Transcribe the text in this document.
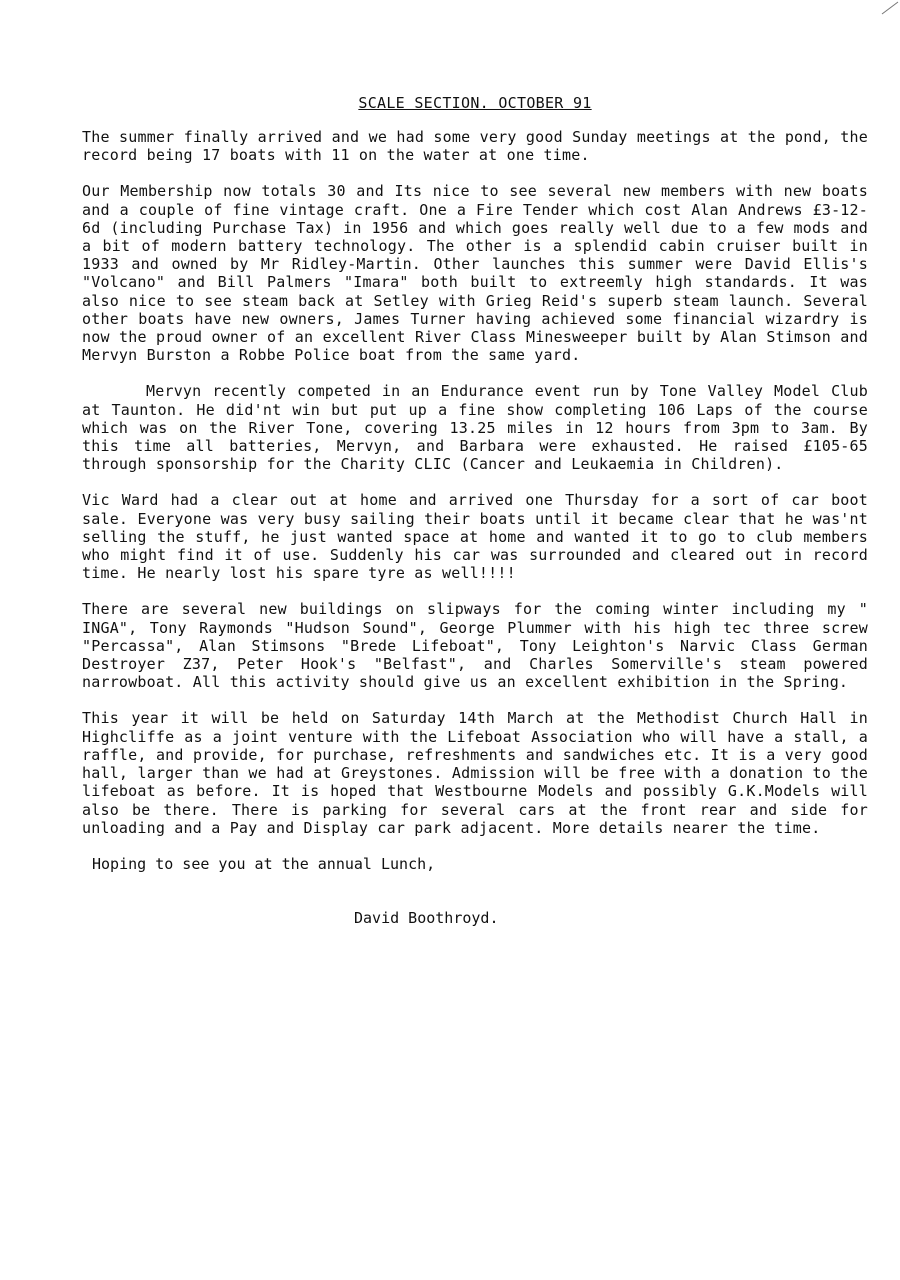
SCALE SECTION. OCTOBER 91

The summer finally arrived and we had some very good Sunday meetings at the pond, the record being 17 boats with 11 on the water at one time.

Our Membership now totals 30 and Its nice to see several new members with new boats and a couple of fine vintage craft. One a Fire Tender which cost Alan Andrews £3-12-6d (including Purchase Tax) in 1956 and which goes really well due to a few mods and a bit of modern battery technology. The other is a splendid cabin cruiser built in 1933 and owned by Mr Ridley-Martin. Other launches this summer were David Ellis's "Volcano" and Bill Palmers "Imara" both built to extreemly high standards. It was also nice to see steam back at Setley with Grieg Reid's superb steam launch. Several other boats have new owners, James Turner having achieved some financial wizardry is now the proud owner of an excellent River Class Minesweeper built by Alan Stimson and Mervyn Burston a Robbe Police boat from the same yard.

Mervyn recently competed in an Endurance event run by Tone Valley Model Club at Taunton. He did'nt win but put up a fine show completing 106 Laps of the course which was on the River Tone, covering 13.25 miles in 12 hours from 3pm to 3am. By this time all batteries, Mervyn, and Barbara were exhausted. He raised £105-65 through sponsorship for the Charity CLIC (Cancer and Leukaemia in Children).

Vic Ward had a clear out at home and arrived one Thursday for a sort of car boot sale. Everyone was very busy sailing their boats until it became clear that he was'nt selling the stuff, he just wanted space at home and wanted it to go to club members who might find it of use. Suddenly his car was surrounded and cleared out in record time. He nearly lost his spare tyre as well!!!!

There are several new buildings on slipways for the coming winter including my " INGA", Tony Raymonds "Hudson Sound", George Plummer with his high tec three screw "Percassa", Alan Stimsons "Brede Lifeboat", Tony Leighton's Narvic Class German Destroyer Z37, Peter Hook's "Belfast", and Charles Somerville's steam powered narrowboat. All this activity should give us an excellent exhibition in the Spring.

This year it will be held on Saturday 14th March at the Methodist Church Hall in Highcliffe as a joint venture with the Lifeboat Association who will have a stall, a raffle, and provide, for purchase, refreshments and sandwiches etc. It is a very good hall, larger than we had at Greystones. Admission will be free with a donation to the lifeboat as before. It is hoped that Westbourne Models and possibly G.K.Models will also be there. There is parking for several cars at the front rear and side for unloading and a Pay and Display car park adjacent. More details nearer the time.

Hoping to see you at the annual Lunch,
David Boothroyd.
